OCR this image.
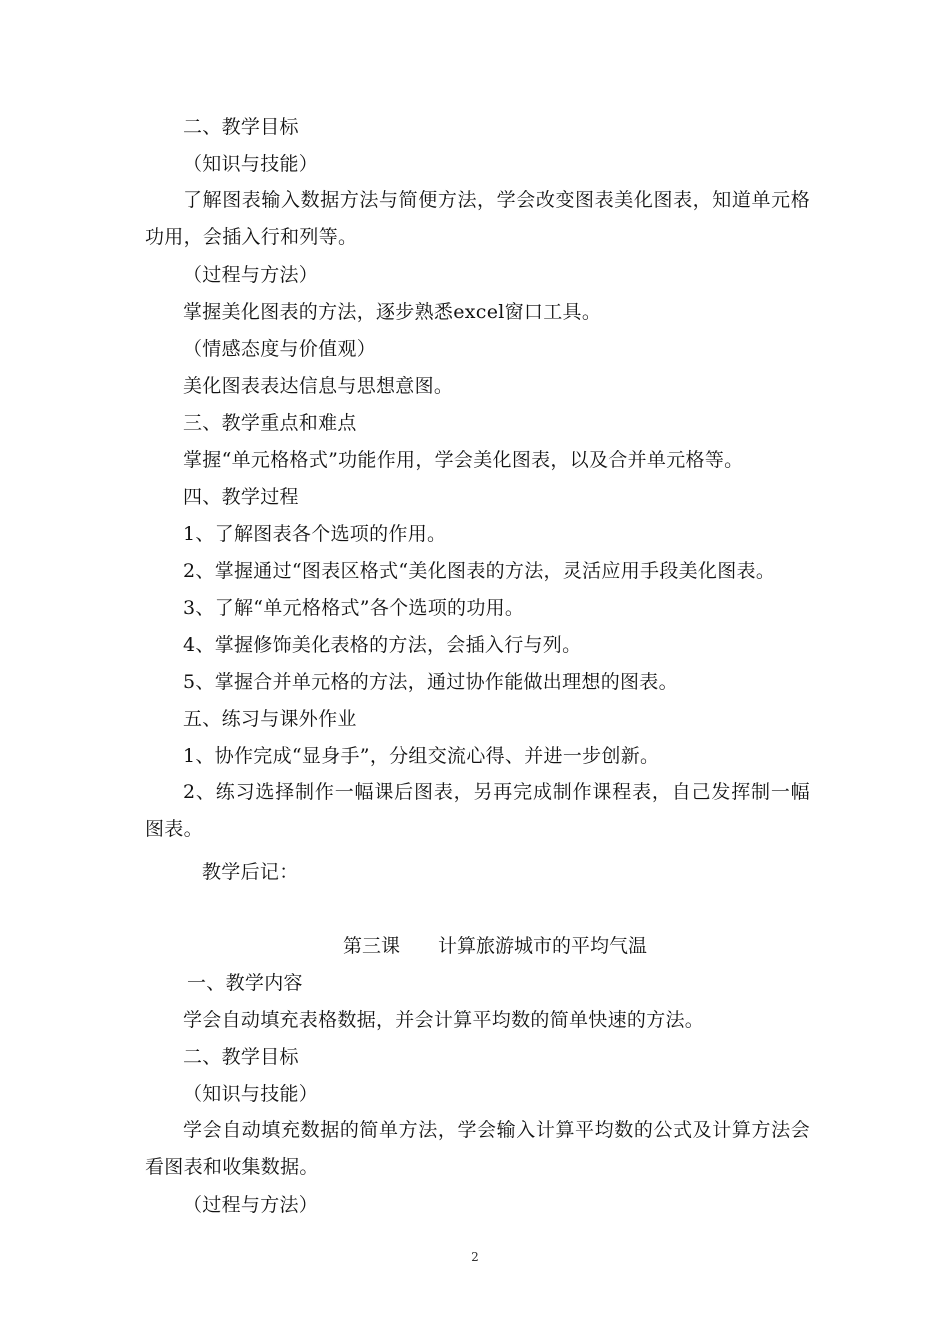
二、教学目标
（知识与技能）
了解图表输入数据方法与简便方法，学会改变图表美化图表，知道单元格功用，会插入行和列等。
（过程与方法）
掌握美化图表的方法，逐步熟悉excel窗口工具。
（情感态度与价值观）
美化图表表达信息与思想意图。
三、教学重点和难点
掌握“单元格格式”功能作用，学会美化图表，以及合并单元格等。
四、教学过程
1、了解图表各个选项的作用。
2、掌握通过“图表区格式“美化图表的方法，灵活应用手段美化图表。
3、了解“单元格格式”各个选项的功用。
4、掌握修饰美化表格的方法，会插入行与列。
5、掌握合并单元格的方法，通过协作能做出理想的图表。
五、练习与课外作业
1、协作完成“显身手”，分组交流心得、并进一步创新。
2、练习选择制作一幅课后图表，另再完成制作课程表，自己发挥制一幅图表。
教学后记：
第三课 计算旅游城市的平均气温
一、教学内容
学会自动填充表格数据，并会计算平均数的简单快速的方法。
二、教学目标
（知识与技能）
学会自动填充数据的简单方法，学会输入计算平均数的公式及计算方法会看图表和收集数据。
（过程与方法）
2
